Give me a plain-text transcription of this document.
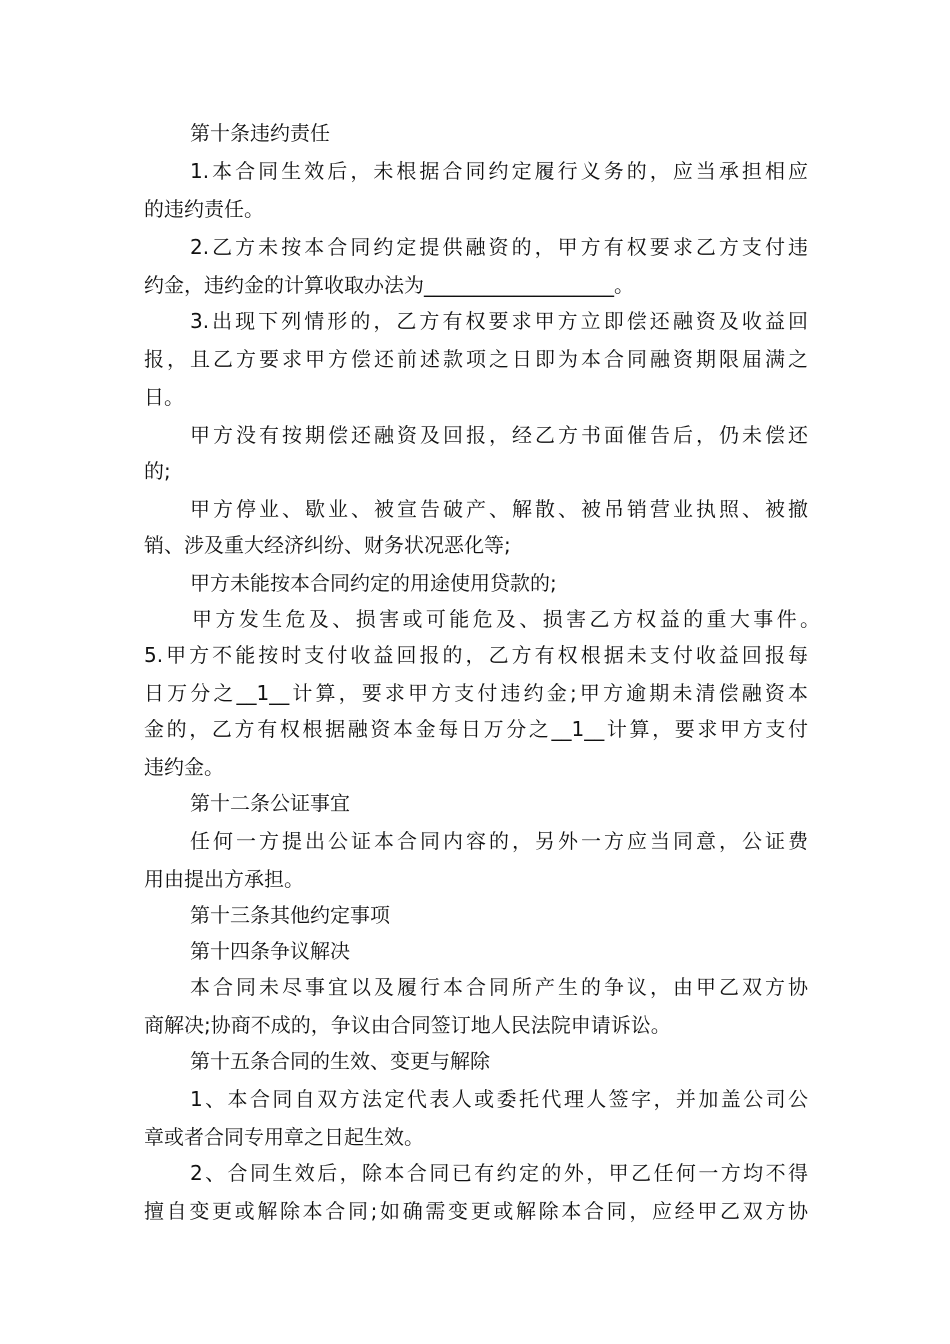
第十条违约责任
1.本合同生效后，未根据合同约定履行义务的，应当承担相应
的违约责任。
2.乙方未按本合同约定提供融资的，甲方有权要求乙方支付违
约金，违约金的计算收取办法为___________________。
3.出现下列情形的，乙方有权要求甲方立即偿还融资及收益回
报，且乙方要求甲方偿还前述款项之日即为本合同融资期限届满之
日。
甲方没有按期偿还融资及回报，经乙方书面催告后，仍未偿还
的;
甲方停业、歇业、被宣告破产、解散、被吊销营业执照、被撤
销、涉及重大经济纠纷、财务状况恶化等;
甲方未能按本合同约定的用途使用贷款的;
甲方发生危及、损害或可能危及、损害乙方权益的重大事件。
5.甲方不能按时支付收益回报的，乙方有权根据未支付收益回报每
日万分之__1__计算，要求甲方支付违约金;甲方逾期未清偿融资本
金的，乙方有权根据融资本金每日万分之__1__计算，要求甲方支付
违约金。
第十二条公证事宜
任何一方提出公证本合同内容的，另外一方应当同意，公证费
用由提出方承担。
第十三条其他约定事项
第十四条争议解决
本合同未尽事宜以及履行本合同所产生的争议，由甲乙双方协
商解决;协商不成的，争议由合同签订地人民法院申请诉讼。
第十五条合同的生效、变更与解除
1、本合同自双方法定代表人或委托代理人签字，并加盖公司公
章或者合同专用章之日起生效。
2、合同生效后，除本合同已有约定的外，甲乙任何一方均不得
擅自变更或解除本合同;如确需变更或解除本合同，应经甲乙双方协
